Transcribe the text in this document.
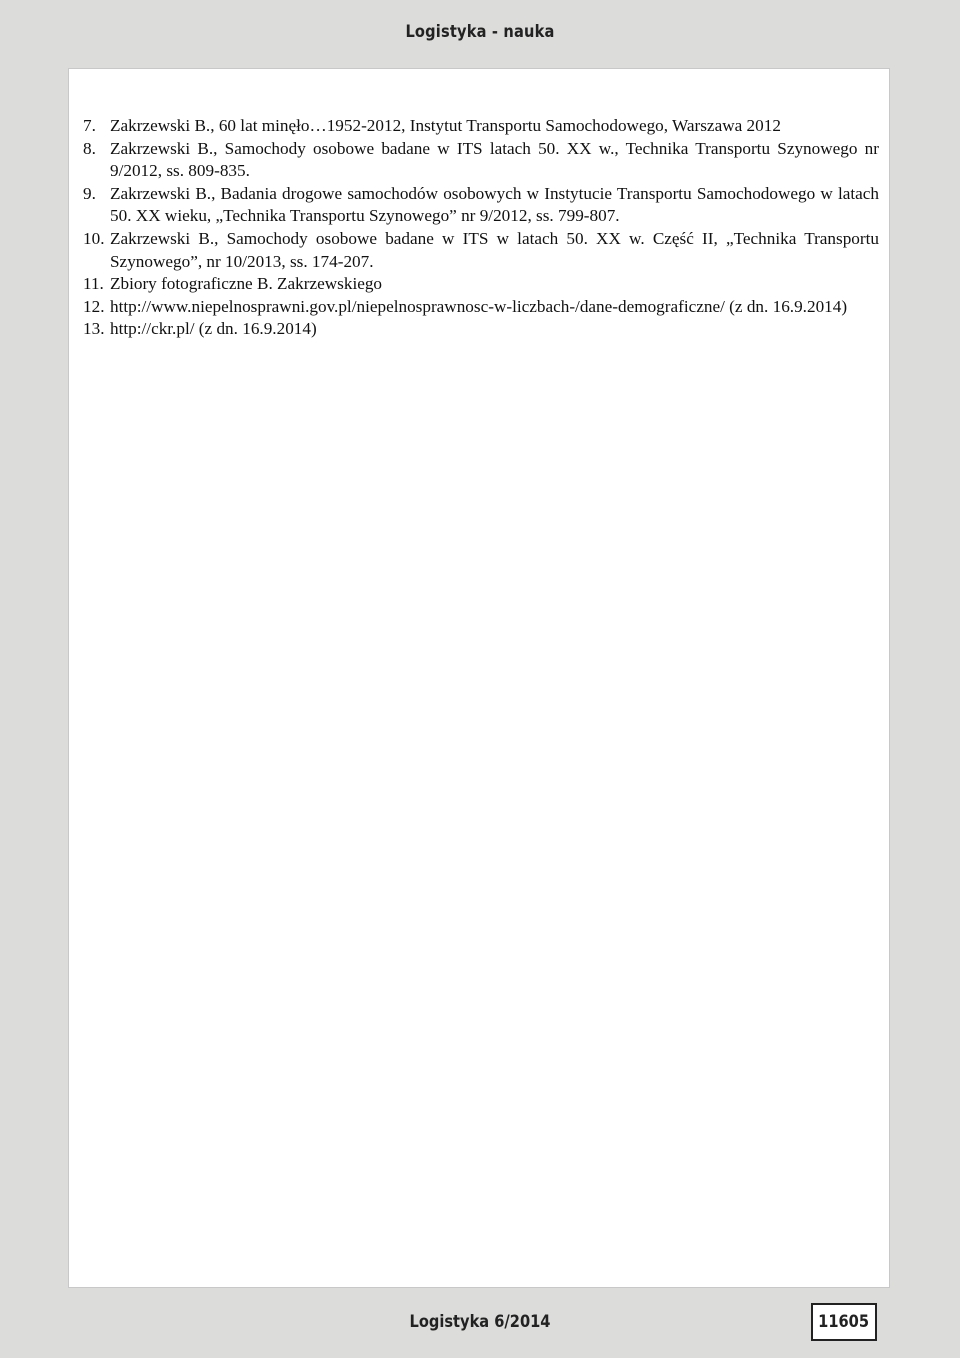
Logistyka - nauka
7. Zakrzewski B., 60 lat minęło…1952-2012, Instytut Transportu Samochodowego, Warszawa 2012
8. Zakrzewski B., Samochody osobowe badane w ITS latach 50. XX w., Technika Transportu Szynowego nr 9/2012, ss. 809-835.
9. Zakrzewski B., Badania drogowe samochodów osobowych w Instytucie Transportu Samochodowego w latach 50. XX wieku, „Technika Transportu Szynowego” nr 9/2012, ss. 799-807.
10. Zakrzewski B., Samochody osobowe badane w ITS w latach 50. XX w. Część II, „Technika Transportu Szynowego”, nr 10/2013, ss. 174-207.
11. Zbiory fotograficzne B. Zakrzewskiego
12. http://www.niepelnosprawni.gov.pl/niepelnosprawnosc-w-liczbach-/dane-demograficzne/ (z dn. 16.9.2014)
13. http://ckr.pl/ (z dn. 16.9.2014)
Logistyka 6/2014	11605
